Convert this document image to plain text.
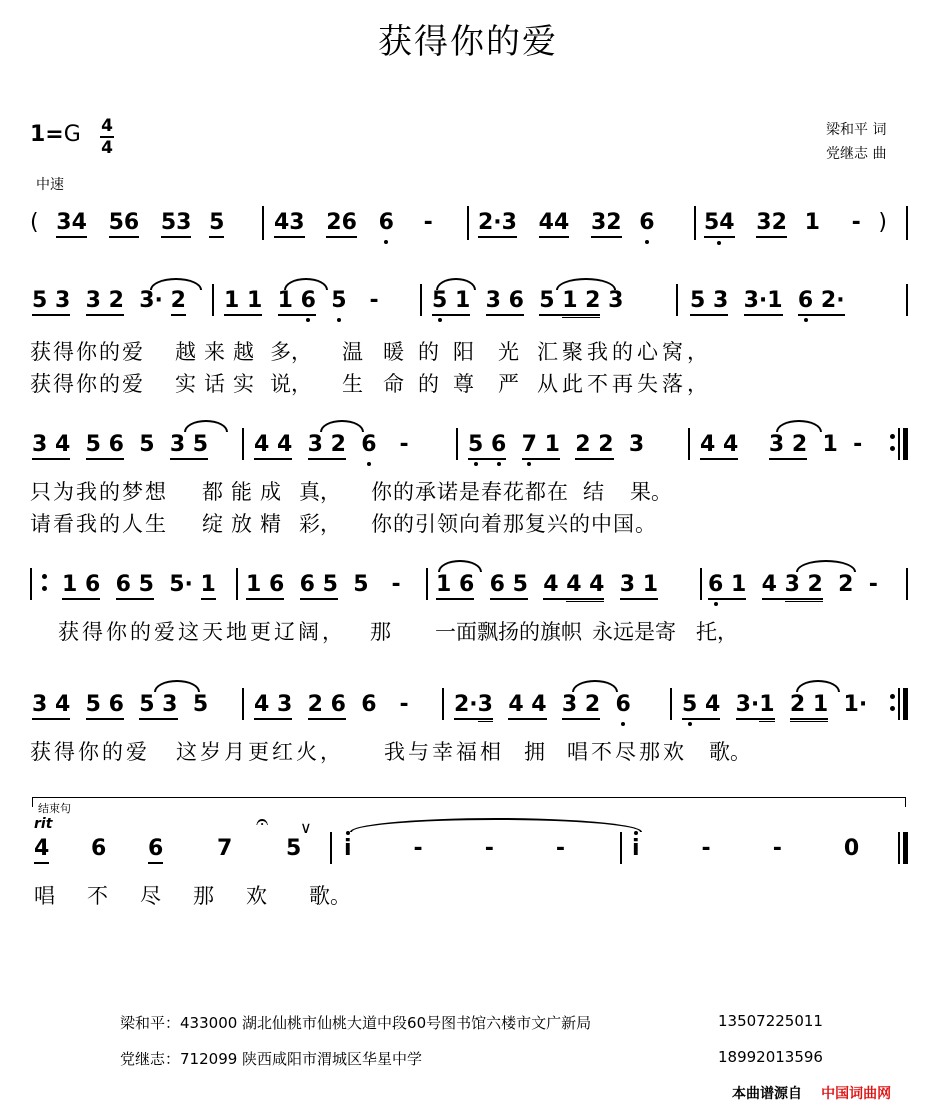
获得你的爱
1=G 4
4
梁和平 词
党继志 曲
中速
( 34 56 53 5 43 26 6 - 2·3 44 32 6 54 32 1 - )
5 3 3 2 3· 2 1 1 1 6 5   - 5 1 3 6 5 1 2 3	5 3 3·1 6 2·
获得你的爱 越来越 多， 温 暖的阳 光 汇聚我的心窝，
获得你的爱 实话实 说， 生 命的尊 严 从此不再失落，
3 4 5 6  5  3 5 4 4 3 2 6   -	5 6 7 1 2 2  3	4 4 3 2  1  -
只为我的梦想 都能成 真， 你的承诺是春花都在 结 果。
请看我的人生 绽放精 彩， 你的引领向着那复兴的中国。
1 6 6 5  5· 1 1 6 6 5  5   - 1 6 6 5 4 4 4 3 1 6 1 4 3 2  2  -
获得你的爱这天地更辽阔， 那 一面飘扬的旗帜 永远是寄 托，
3 4 5 6 5 3  5 4 3 2 6  6   - 2·3 4 4 3 2 6 5 4 3·1 2 1  1·
获得你的爱 这岁月更红火， 我与幸福相 拥 唱不尽那欢 歌。
结束句
rit
4 6 6 7 5
𝄐 ∨
i	-	-	-	i	-	-	0
唱 不 尽 那 欢 歌。
梁和平：433000 湖北仙桃市仙桃大道中段60号图书馆六楼市文广新局	13507225011
党继志：712099 陕西咸阳市渭城区华星中学	18992013596
本曲谱源自 中国词曲网
